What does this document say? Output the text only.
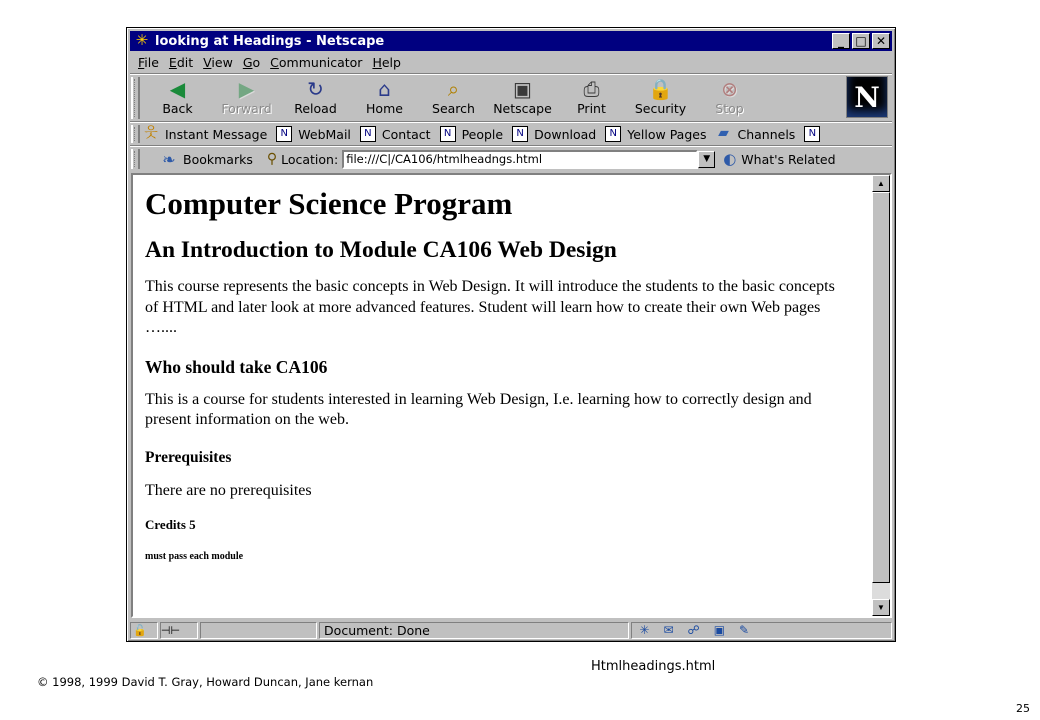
✳ looking at Headings - Netscape	_ □ ✕
File Edit View Go Communicator Help
◀
Back
▶
Forward
↻
Reload
⌂
Home
⌕
Search
▣
Netscape
⎙
Print
🔒
Security
⊗
Stop	N
웃 Instant Message	N WebMail	N Contact	N People	N Download	N Yellow Pages ▰ Channels	N
❧ Bookmarks ⚲ Location: file:///C|/CA106/htmlheadngs.html	▼ ◐ What's Related
Computer Science Program
An Introduction to Module CA106 Web Design

This course represents the basic concepts in Web Design. It will introduce the students to the basic concepts of HTML and later look at more advanced features. Student will learn how to create their own Web pages …....

Who should take CA106

This is a course for students interested in learning Web Design, I.e. learning how to correctly design and present information on the web.

Prerequisites

There are no prerequisites

Credits 5
must pass each module
▲
▼
🔓 ⊣⊢	Document: Done	✳ ✉ ☍ ▣ ✎
Htmlheadings.html
© 1998, 1999 David T. Gray, Howard Duncan, Jane kernan
25
